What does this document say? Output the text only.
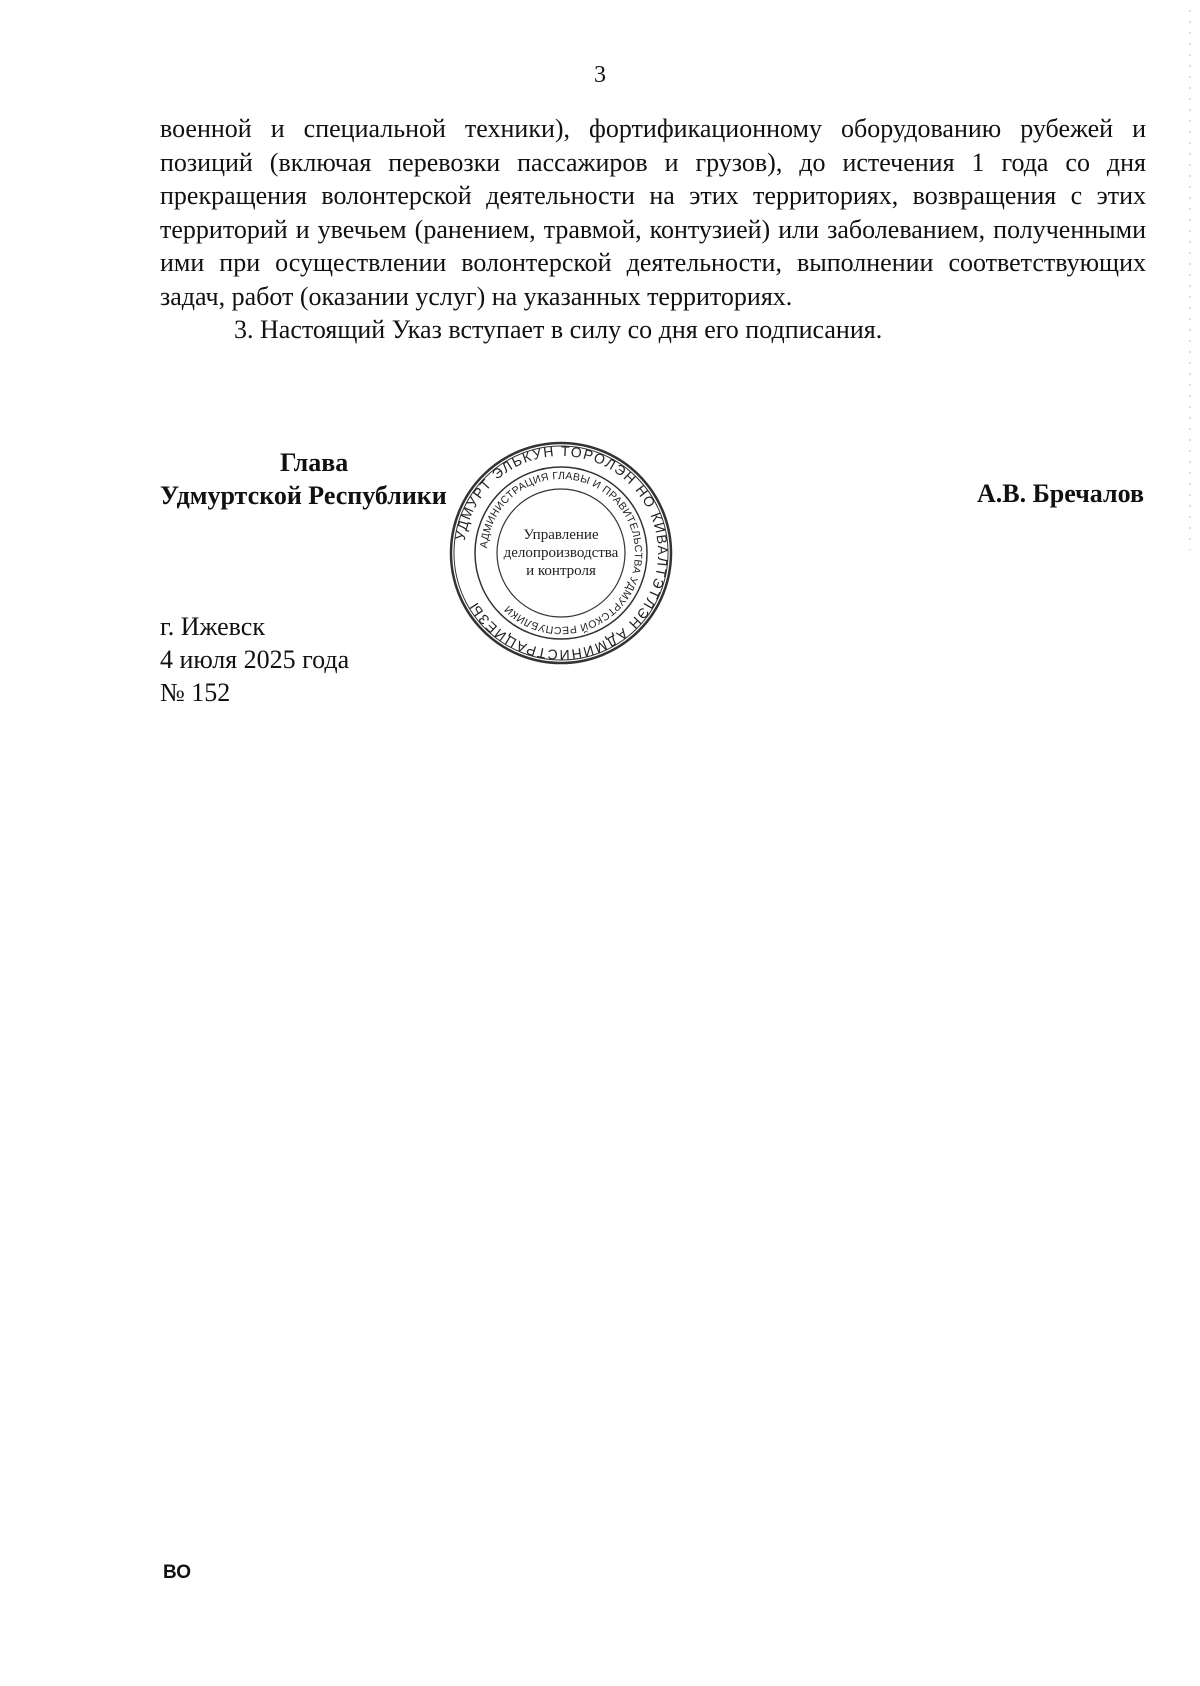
3

военной и специальной техники), фортификационному оборудованию рубежей и позиций (включая перевозки пассажиров и грузов), до истечения 1 года со дня прекращения волонтерской деятельности на этих территориях, возвращения с этих территорий и увечьем (ранением, травмой, контузией) или заболеванием, полученными ими при осуществлении волонтерской деятельности, выполнении соответствующих задач, работ (оказании услуг) на указанных территориях.

3. Настоящий Указ вступает в силу со дня его подписания.

Глава
Удмуртской Республики	А.В. Бречалов
г. Ижевск
4 июля 2025 года
№ 152
УДМУРТ ЭЛЬКУН ТОРОЛЭН НО КИВАЛТЭТЛЭН АДМИНИСТРАЦИЕЗЫ
АДМИНИСТРАЦИЯ ГЛАВЫ И ПРАВИТЕЛЬСТВА УДМУРТСКОЙ РЕСПУБЛИКИ
Управление
делопроизводства
и контроля
ВО
